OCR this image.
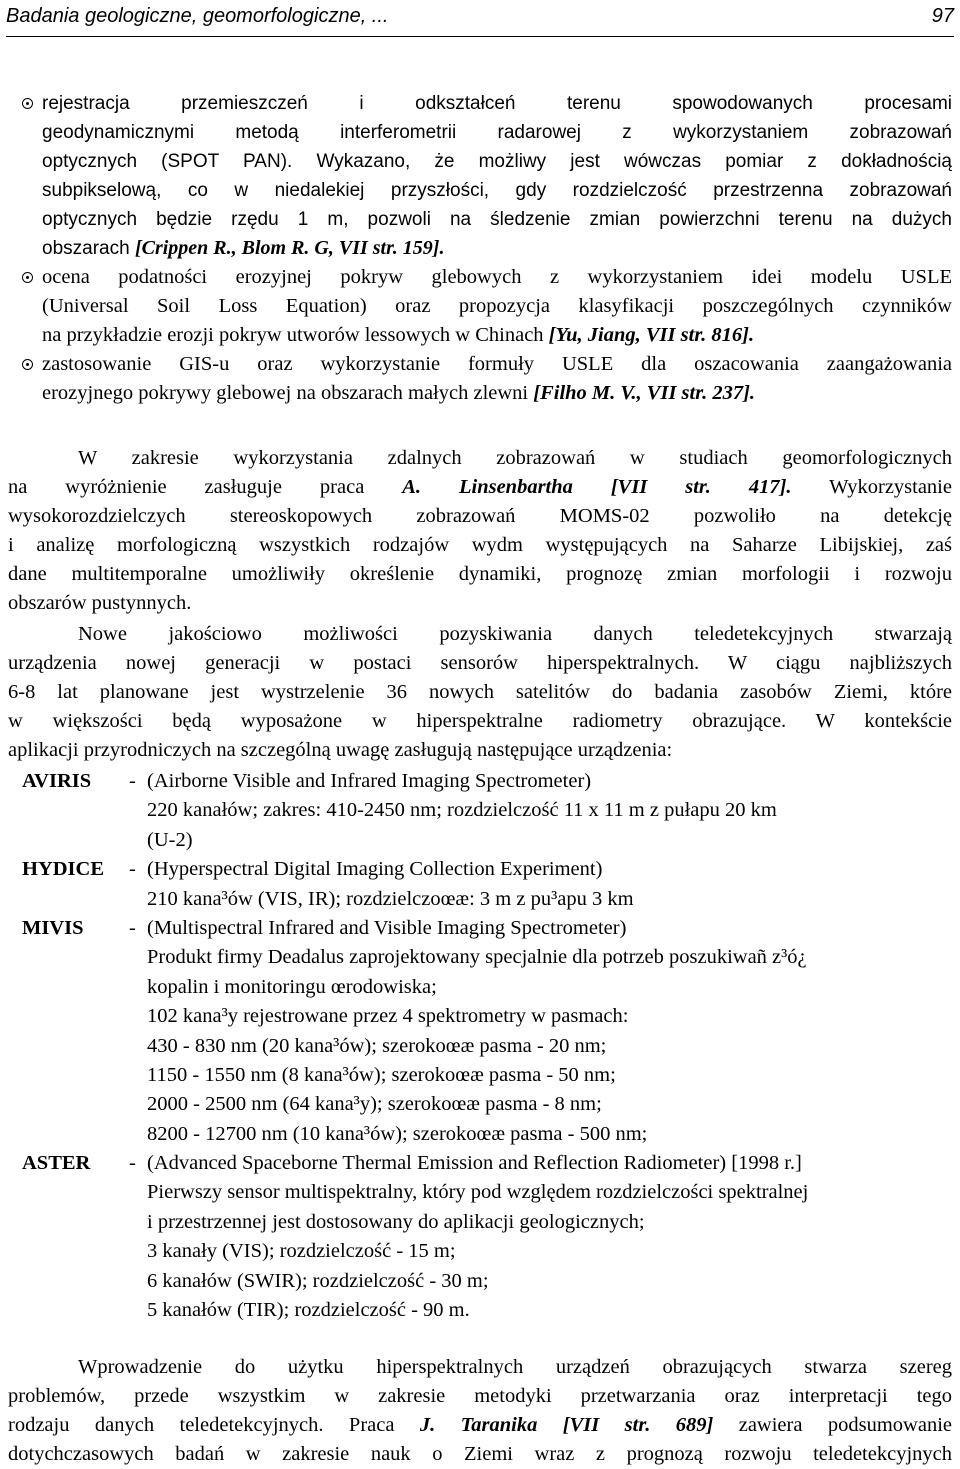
Badania geologiczne, geomorfologiczne, ...	97
rejestracja przemieszczeń i odkształceń terenu spowodowanych procesami
geodynamicznymi metodą interferometrii radarowej z wykorzystaniem zobrazowań
optycznych (SPOT PAN). Wykazano, że możliwy jest wówczas pomiar z dokładnością
subpikselową, co w niedalekiej przyszłości, gdy rozdzielczość przestrzenna zobrazowań
optycznych będzie rzędu 1 m, pozwoli na śledzenie zmian powierzchni terenu na dużych
obszarach [Crippen R., Blom R. G, VII str. 159].
ocena podatności erozyjnej pokryw glebowych z wykorzystaniem idei modelu USLE
(Universal Soil Loss Equation) oraz propozycja klasyfikacji poszczególnych czynników
na przykładzie erozji pokryw utworów lessowych w Chinach [Yu, Jiang, VII str. 816].
zastosowanie GIS-u oraz wykorzystanie formuły USLE dla oszacowania zaangażowania
erozyjnego pokrywy glebowej na obszarach małych zlewni [Filho M. V., VII str. 237].
W zakresie wykorzystania zdalnych zobrazowań w studiach geomorfologicznych
na wyróżnienie zasługuje praca A. Linsenbartha [VII str. 417]. Wykorzystanie
wysokorozdzielczych stereoskopowych zobrazowań MOMS-02 pozwoliło na detekcję
i analizę morfologiczną wszystkich rodzajów wydm występujących na Saharze Libijskiej, zaś
dane multitemporalne umożliwiły określenie dynamiki, prognozę zmian morfologii i rozwoju
obszarów pustynnych.
Nowe jakościowo możliwości pozyskiwania danych teledetekcyjnych stwarzają
urządzenia nowej generacji w postaci sensorów hiperspektralnych. W ciągu najbliższych
6-8 lat planowane jest wystrzelenie 36 nowych satelitów do badania zasobów Ziemi, które
w większości będą wyposażone w hiperspektralne radiometry obrazujące. W kontekście
aplikacji przyrodniczych na szczególną uwagę zasługują następujące urządzenia:
AVIRIS - (Airborne Visible and Infrared Imaging Spectrometer)
220 kanałów; zakres: 410-2450 nm; rozdzielczość 11 x 11 m z pułapu 20 km
(U-2)
HYDICE - (Hyperspectral Digital Imaging Collection Experiment)
210 kana³ów (VIS, IR); rozdzielczoœæ: 3 m z pu³apu 3 km
MIVIS - (Multispectral Infrared and Visible Imaging Spectrometer)
Produkt firmy Deadalus zaprojektowany specjalnie dla potrzeb poszukiwañ z³ó¿
kopalin i monitoringu œrodowiska;
102 kana³y rejestrowane przez 4 spektrometry w pasmach:
430 - 830 nm (20 kana³ów); szerokoœæ pasma - 20 nm;
1150 - 1550 nm (8 kana³ów); szerokoœæ pasma - 50 nm;
2000 - 2500 nm (64 kana³y); szerokoœæ pasma - 8 nm;
8200 - 12700 nm (10 kana³ów); szerokoœæ pasma - 500 nm;
ASTER - (Advanced Spaceborne Thermal Emission and Reflection Radiometer) [1998 r.]
Pierwszy sensor multispektralny, który pod względem rozdzielczości spektralnej
i przestrzennej jest dostosowany do aplikacji geologicznych;
3 kanały (VIS); rozdzielczość - 15 m;
6 kanałów (SWIR); rozdzielczość - 30 m;
5 kanałów (TIR); rozdzielczość - 90 m.
Wprowadzenie do użytku hiperspektralnych urządzeń obrazujących stwarza szereg
problemów, przede wszystkim w zakresie metodyki przetwarzania oraz interpretacji tego
rodzaju danych teledetekcyjnych. Praca J. Taranika [VII str. 689] zawiera podsumowanie
dotychczasowych badań w zakresie nauk o Ziemi wraz z prognozą rozwoju teledetekcyjnych
